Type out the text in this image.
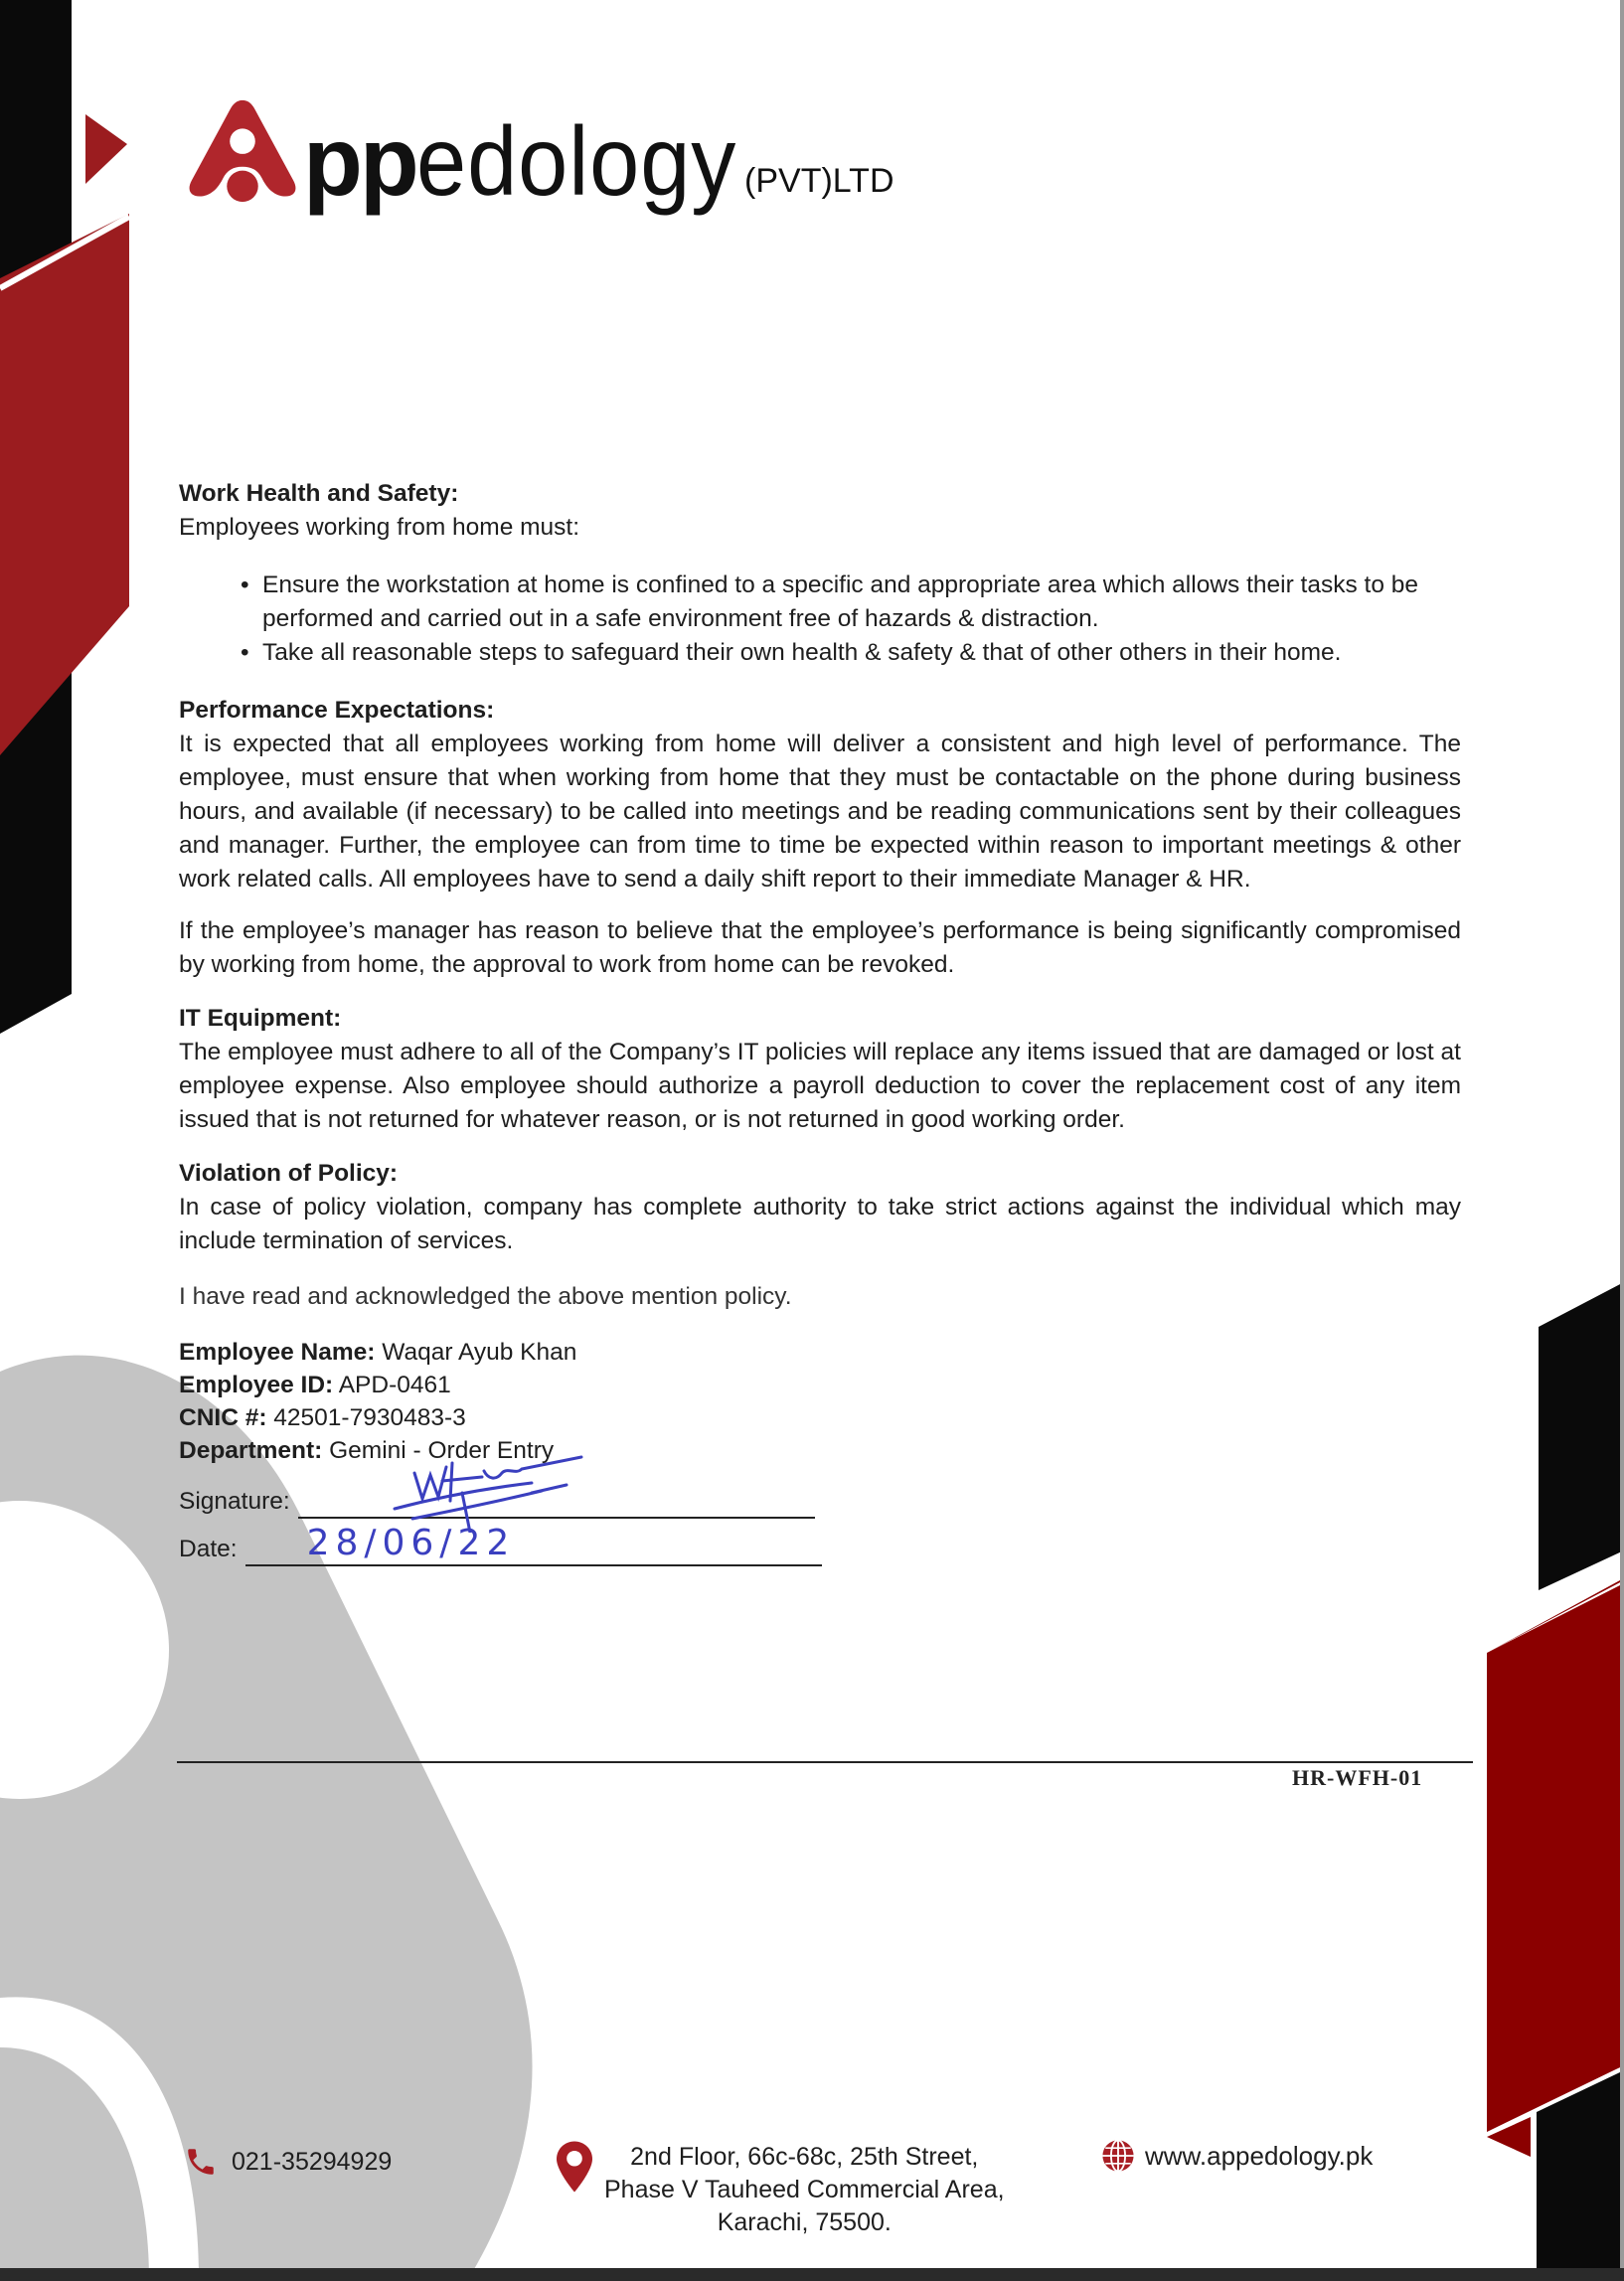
pp edology (PVT)LTD

Work Health and Safety:

Employees working from home must:

• Ensure the workstation at home is confined to a specific and appropriate area which allows their tasks to be performed and carried out in a safe environment free of hazards & distraction.
• Take all reasonable steps to safeguard their own health & safety & that of other others in their home.

Performance Expectations:

It is expected that all employees working from home will deliver a consistent and high level of performance. The employee, must ensure that when working from home that they must be contactable on the phone during business hours, and available (if necessary) to be called into meetings and be reading communications sent by their colleagues and manager. Further, the employee can from time to time be expected within reason to important meetings & other work related calls. All employees have to send a daily shift report to their immediate Manager & HR.

If the employee’s manager has reason to believe that the employee’s performance is being significantly compromised by working from home, the approval to work from home can be revoked.

IT Equipment:

The employee must adhere to all of the Company’s IT policies will replace any items issued that are damaged or lost at employee expense. Also employee should authorize a payroll deduction to cover the replacement cost of any item issued that is not returned for whatever reason, or is not returned in good working order.

Violation of Policy:

In case of policy violation, company has complete authority to take strict actions against the individual which may include termination of services.

I have read and acknowledged the above mention policy.

Employee Name: Waqar Ayub Khan

Employee ID: APD-0461

CNIC #: 42501-7930483-3

Department: Gemini - Order Entry

Signature:
Date: 28/06/22
HR-WFH-01
021-35294929	2nd Floor, 66c-68c, 25th Street,
Phase V Tauheed Commercial Area,
Karachi, 75500.
www.appedology.pk
